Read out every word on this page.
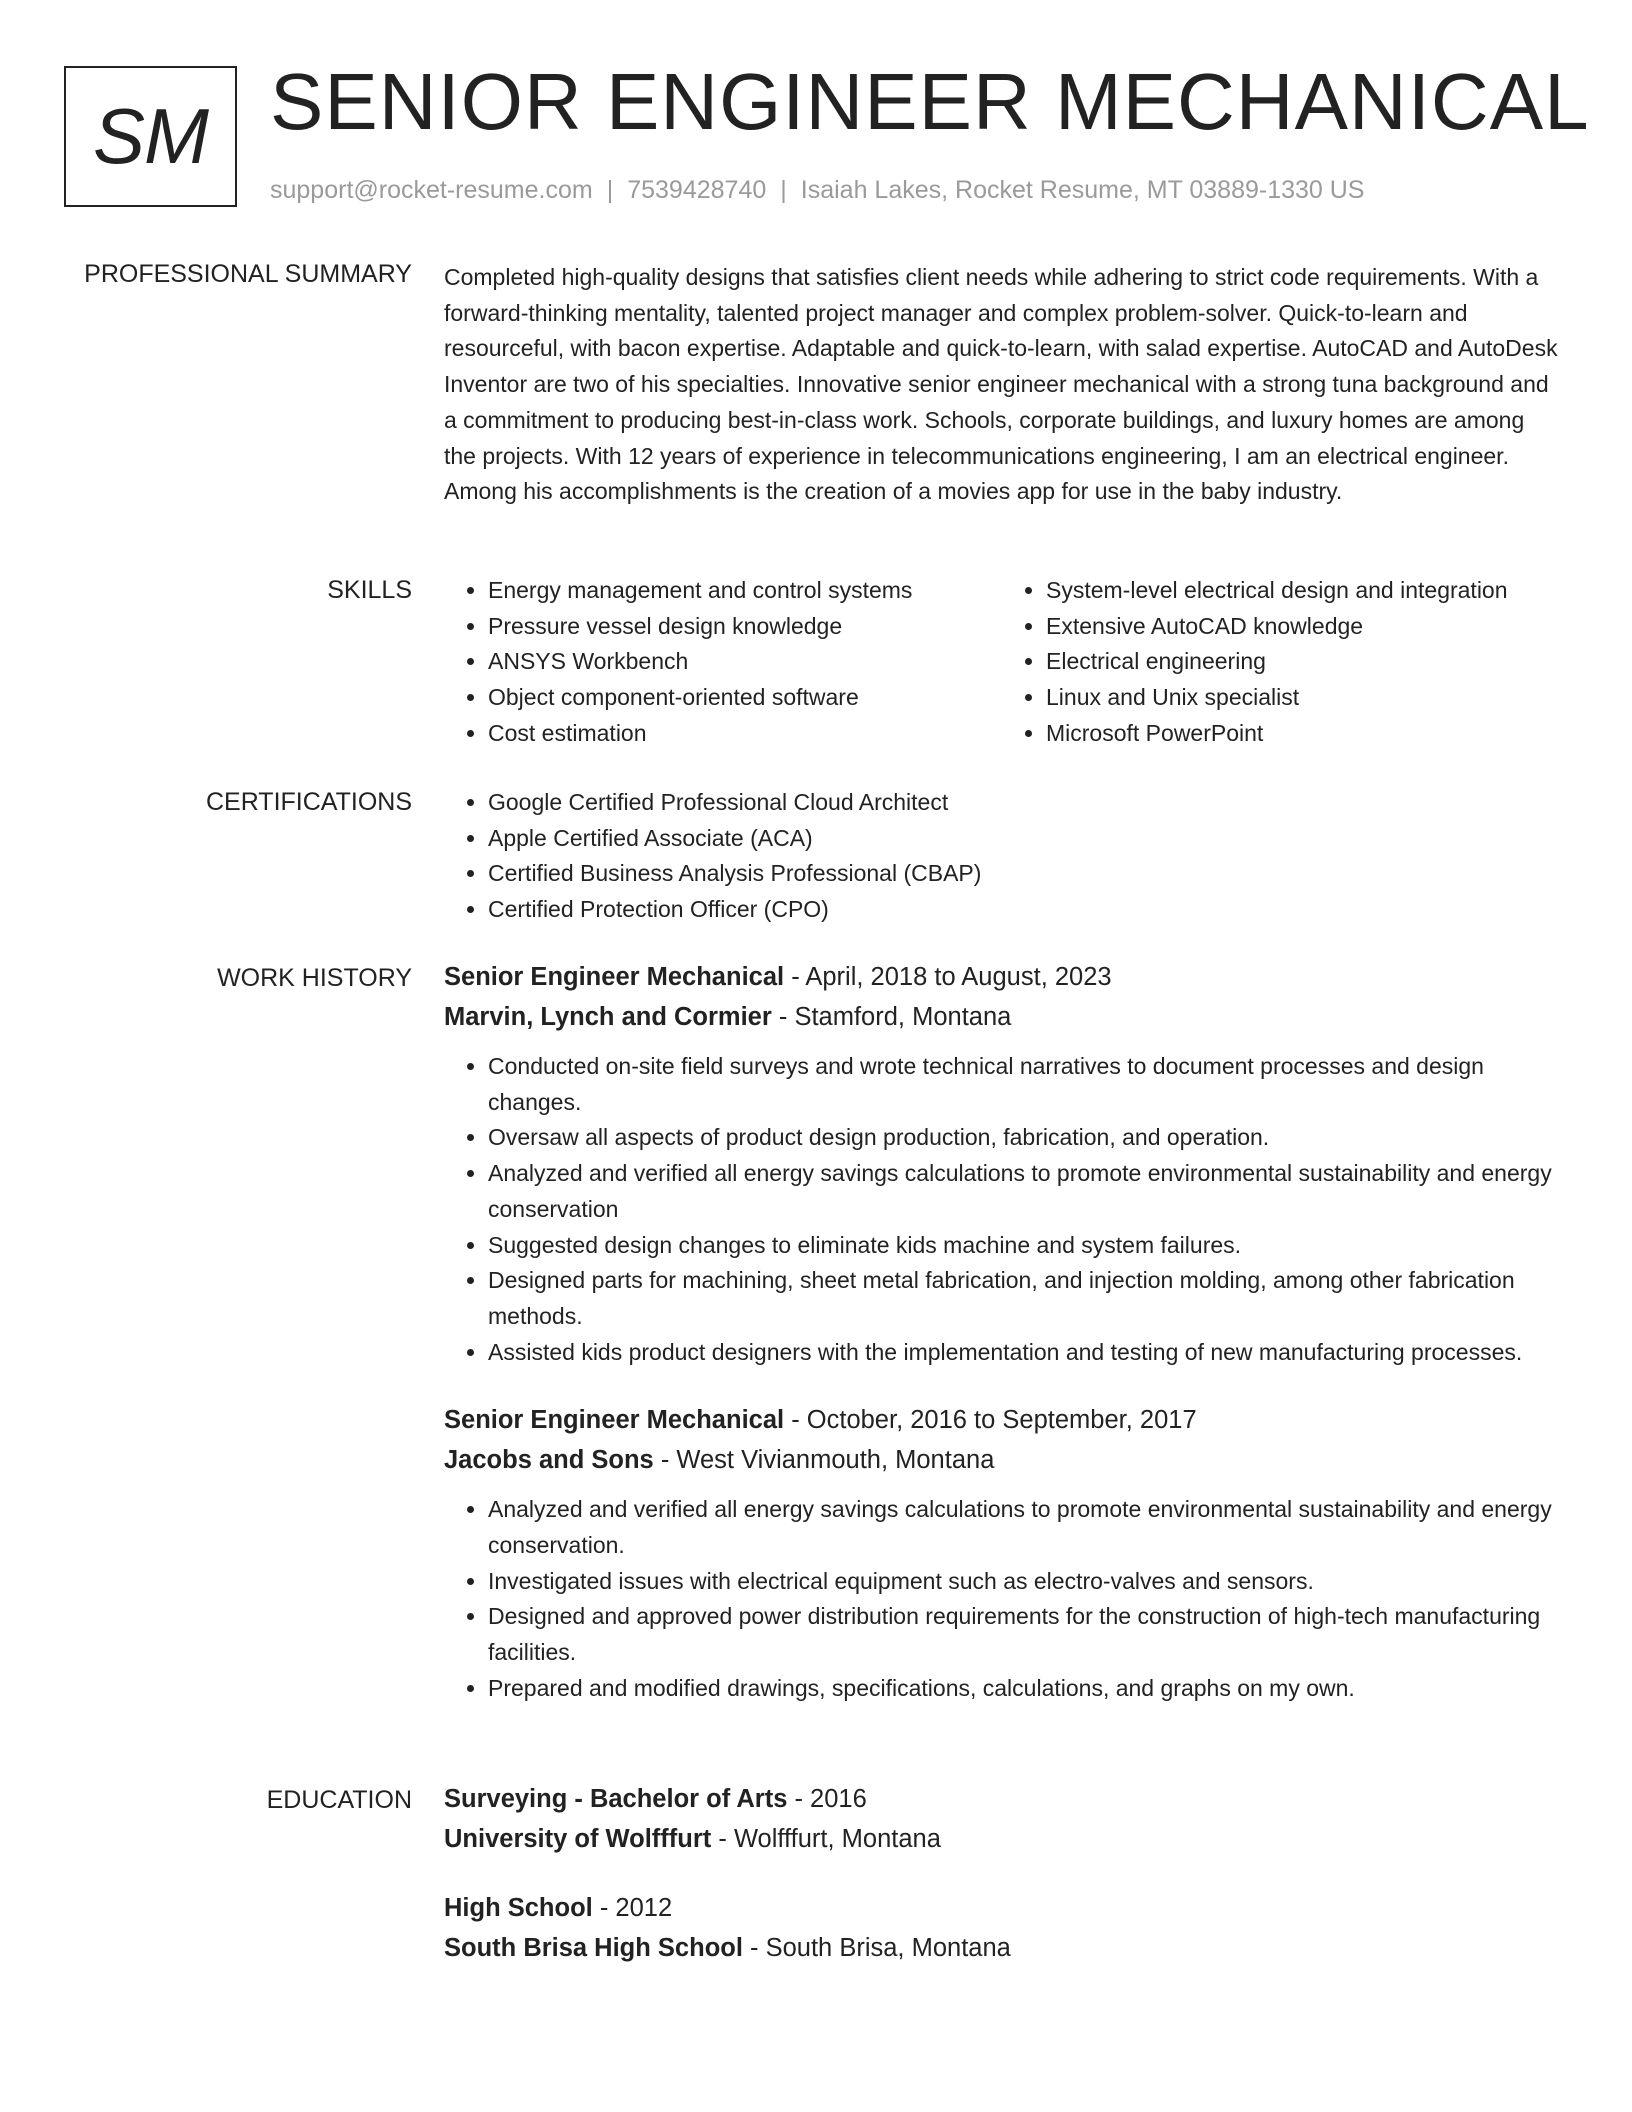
SM SENIOR ENGINEER MECHANICAL
support@rocket-resume.com | 7539428740 | Isaiah Lakes, Rocket Resume, MT 03889-1330 US
PROFESSIONAL SUMMARY Completed high-quality designs that satisfies client needs while adhering to strict code requirements. With a forward-thinking mentality, talented project manager and complex problem-solver. Quick-to-learn and resourceful, with bacon expertise. Adaptable and quick-to-learn, with salad expertise. AutoCAD and AutoDesk Inventor are two of his specialties. Innovative senior engineer mechanical with a strong tuna background and a commitment to producing best-in-class work. Schools, corporate buildings, and luxury homes are among the projects. With 12 years of experience in telecommunications engineering, I am an electrical engineer. Among his accomplishments is the creation of a movies app for use in the baby industry.
SKILLS	• Energy management and control systems
• Pressure vessel design knowledge
• ANSYS Workbench
• Object component-oriented software
• Cost estimation
• System-level electrical design and integration
• Extensive AutoCAD knowledge
• Electrical engineering
• Linux and Unix specialist
• Microsoft PowerPoint
CERTIFICATIONS	• Google Certified Professional Cloud Architect
• Apple Certified Associate (ACA)
• Certified Business Analysis Professional (CBAP)
• Certified Protection Officer (CPO)
WORK HISTORY Senior Engineer Mechanical - April, 2018 to August, 2023
Marvin, Lynch and Cormier - Stamford, Montana
• Conducted on-site field surveys and wrote technical narratives to document processes and design changes.
• Oversaw all aspects of product design production, fabrication, and operation.
• Analyzed and verified all energy savings calculations to promote environmental sustainability and energy conservation
• Suggested design changes to eliminate kids machine and system failures.
• Designed parts for machining, sheet metal fabrication, and injection molding, among other fabrication methods.
• Assisted kids product designers with the implementation and testing of new manufacturing processes.
Senior Engineer Mechanical - October, 2016 to September, 2017
Jacobs and Sons - West Vivianmouth, Montana
• Analyzed and verified all energy savings calculations to promote environmental sustainability and energy conservation.
• Investigated issues with electrical equipment such as electro-valves and sensors.
• Designed and approved power distribution requirements for the construction of high-tech manufacturing facilities.
• Prepared and modified drawings, specifications, calculations, and graphs on my own.
EDUCATION Surveying - Bachelor of Arts - 2016
University of Wolfffurt - Wolfffurt, Montana
High School - 2012
South Brisa High School - South Brisa, Montana
